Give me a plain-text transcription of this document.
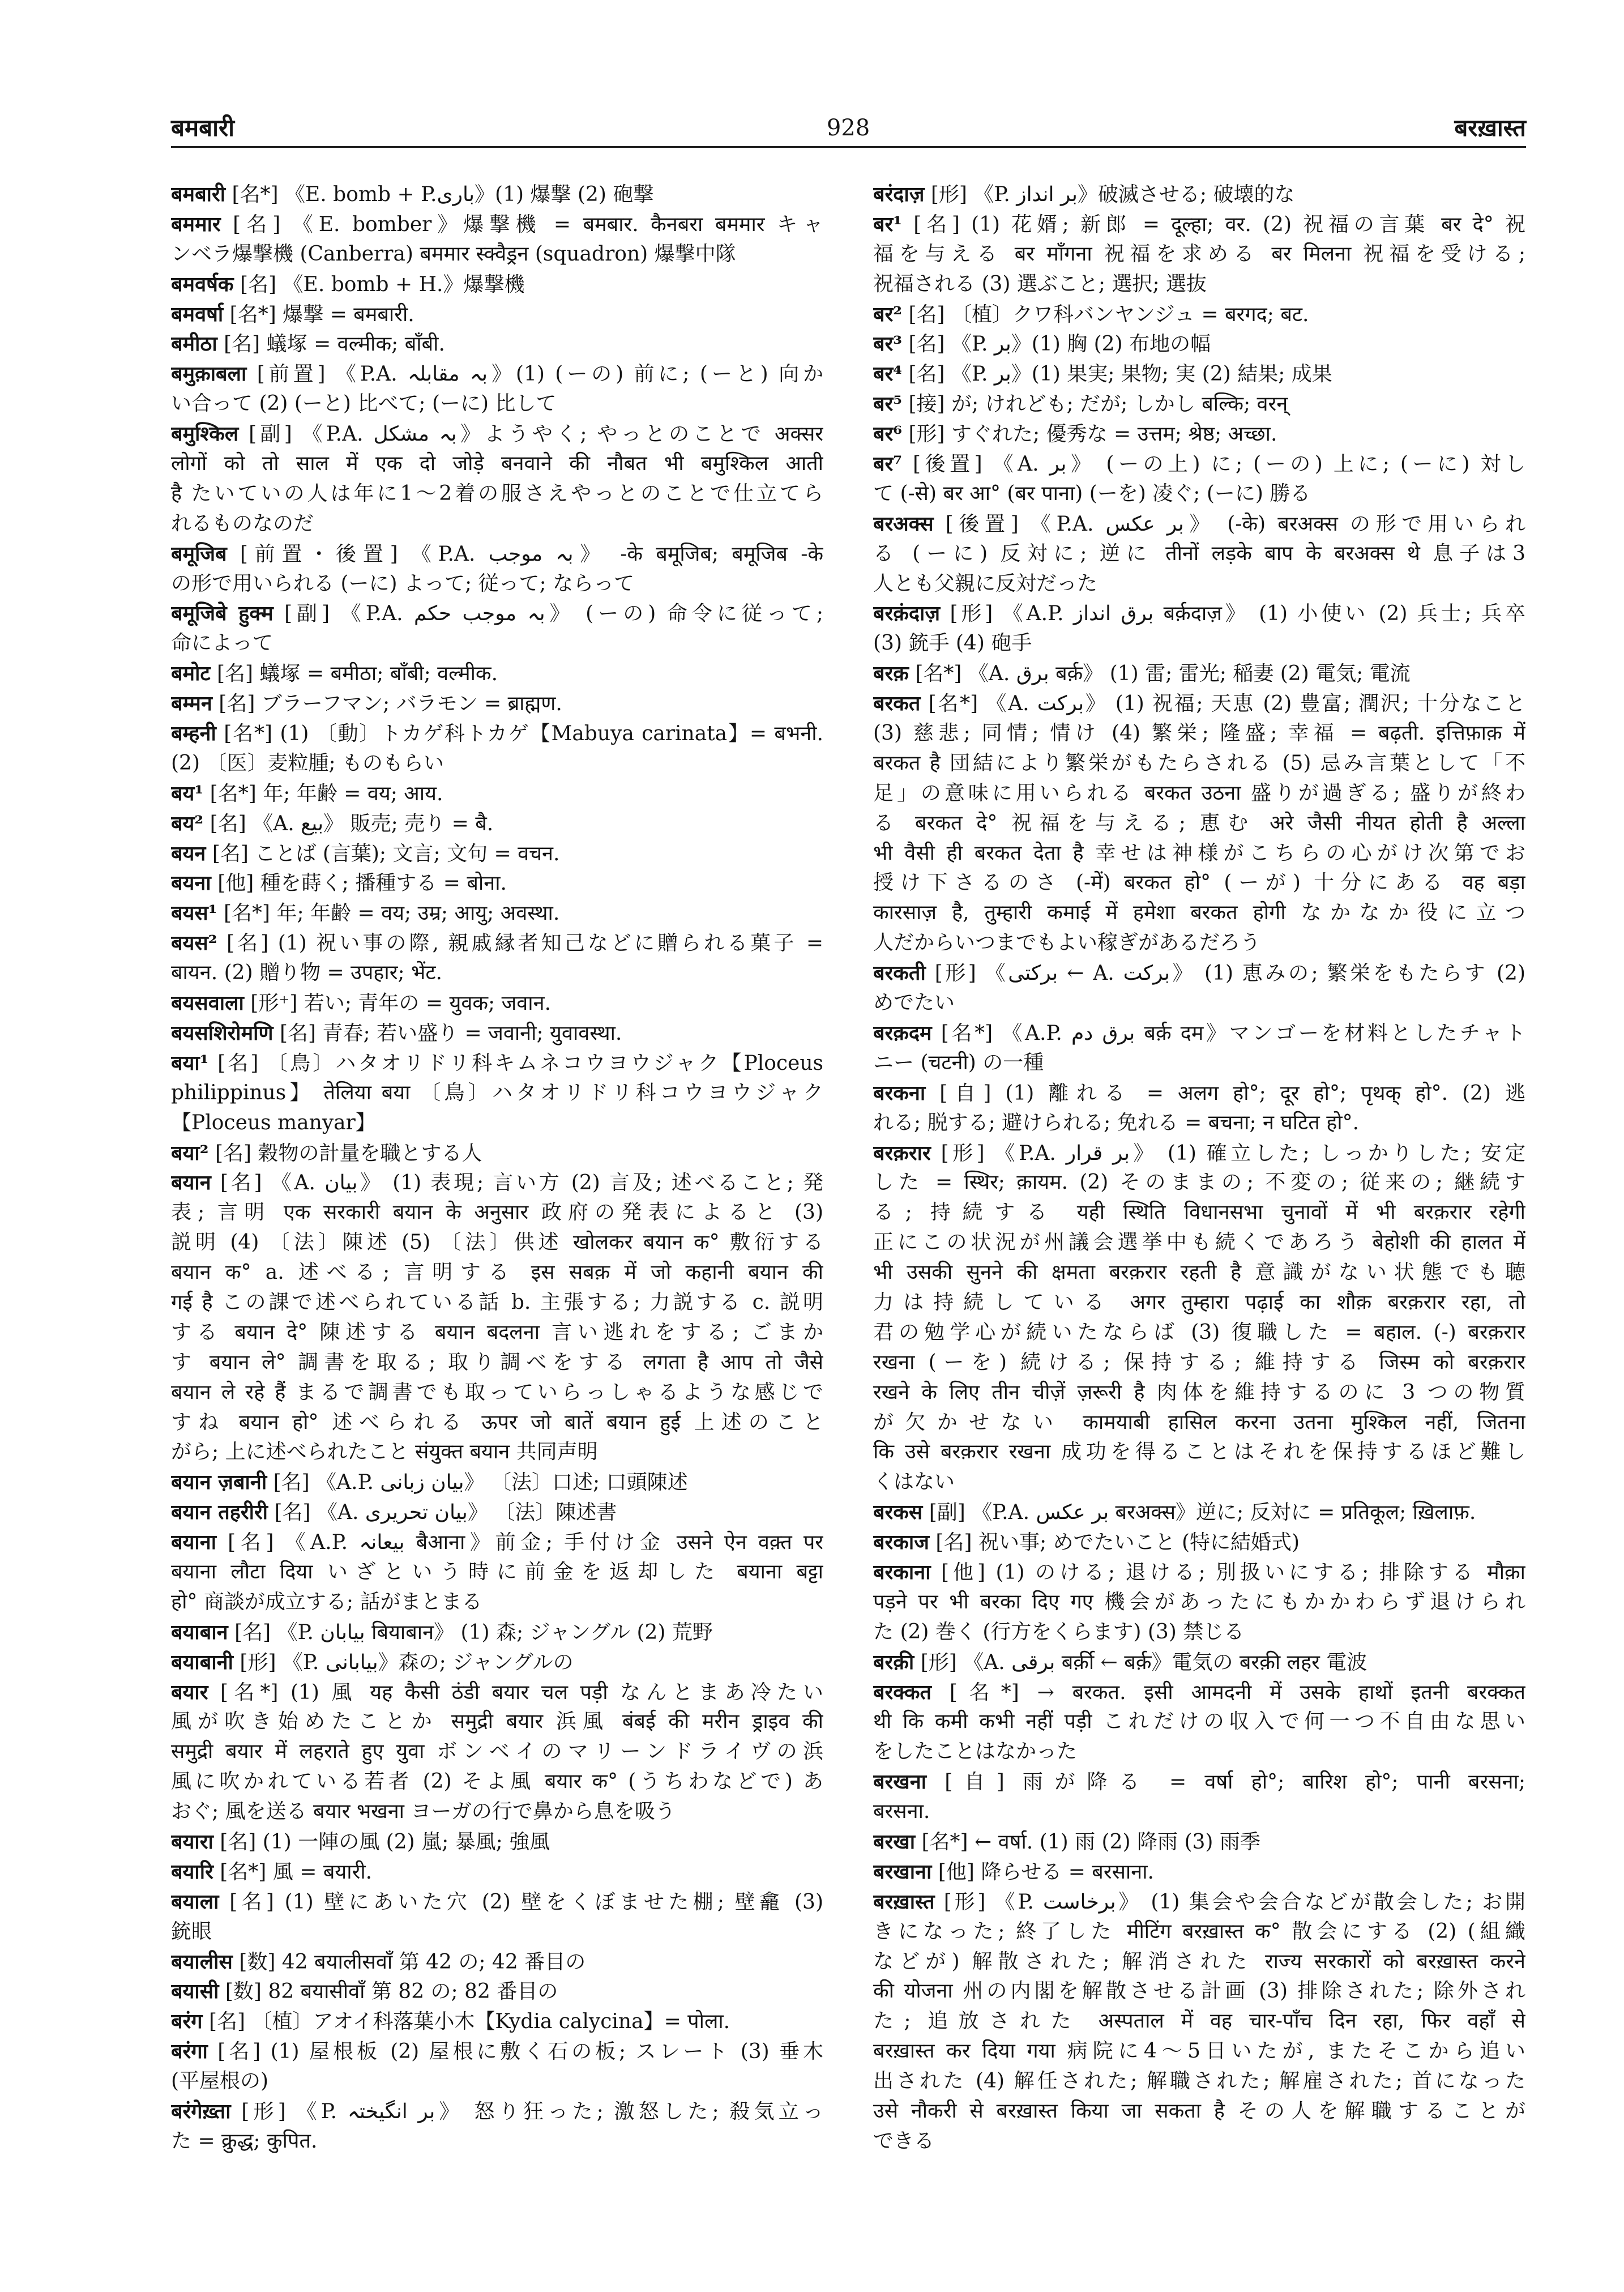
बमबारी	928	बरख़ास्त
बमबारी [名*] 《E. bomb + P.باری》(1) 爆撃 (2) 砲撃
बममार [名] 《E. bomber》爆撃機 = बमबार. कैनबरा बममार キャ
ンベラ爆撃機 (Canberra) बममार स्क्वैड्रन (squadron) 爆撃中隊
बमवर्षक [名] 《E. bomb + H.》爆撃機
बमवर्षा [名*] 爆撃 = बमबारी.
बमीठा [名] 蟻塚 = वल्मीक; बाँबी.
बमुक़ाबला [前置] 《P.A. بہ مقابلہ》(1) (ーの) 前に; (ーと) 向か
い合って (2) (ーと) 比べて; (ーに) 比して
बमुश्किल [副] 《P.A. بہ مشکل》ようやく; やっとのことで अक्सर
लोगों को तो साल में एक दो जोड़े बनवाने की नौबत भी बमुश्किल आती
है たいていの人は年に1～2着の服さえやっとのことで仕立てら
れるものなのだ
बमूजिब [前置・後置] 《P.A. بہ موجب》 -के बमूजिब; बमूजिब -के
の形で用いられる (ーに) よって; 従って; ならって
बमूजिबे हुक्म [副] 《P.A. بہ موجب حکم》 (ーの) 命令に従って;
命によって
बमोट [名] 蟻塚 = बमीठा; बाँबी; वल्मीक.
बम्मन [名] ブラーフマン; バラモン = ब्राह्मण.
बम्हनी [名*] (1) 〔動〕トカゲ科トカゲ【Mabuya carinata】= बभनी.
(2) 〔医〕麦粒腫; ものもらい
बय¹ [名*] 年; 年齢 = वय; आय.
बय² [名] 《A. بیع》 販売; 売り = बै.
बयन [名] ことば (言葉); 文言; 文句 = वचन.
बयना [他] 種を蒔く; 播種する = बोना.
बयस¹ [名*] 年; 年齢 = वय; उम्र; आयु; अवस्था.
बयस² [名] (1) 祝い事の際, 親戚縁者知己などに贈られる菓子 =
बायन. (2) 贈り物 = उपहार; भेंट.
बयसवाला [形⁺] 若い; 青年の = युवक; जवान.
बयसशिरोमणि [名] 青春; 若い盛り = जवानी; युवावस्था.
बया¹ [名] 〔鳥〕ハタオリドリ科キムネコウヨウジャク【Ploceus
philippinus】 तेलिया बया 〔鳥〕ハタオリドリ科コウヨウジャク
【Ploceus manyar】
बया² [名] 穀物の計量を職とする人
बयान [名] 《A. بیان》 (1) 表現; 言い方 (2) 言及; 述べること; 発
表; 言明 एक सरकारी बयान के अनुसार 政府の発表によると (3)
説明 (4) 〔法〕陳述 (5) 〔法〕供述 खोलकर बयान क° 敷衍する
बयान क° a. 述べる; 言明する इस सबक़ में जो कहानी बयान की
गई है この課で述べられている話 b. 主張する; 力説する c. 説明
する बयान दे° 陳述する बयान बदलना 言い逃れをする; ごまか
す बयान ले° 調書を取る; 取り調べをする लगता है आप तो जैसे
बयान ले रहे हैं まるで調書でも取っていらっしゃるような感じで
すね बयान हो° 述べられる ऊपर जो बातें बयान हुई 上述のこと
がら; 上に述べられたこと संयुक्त बयान 共同声明
बयान ज़बानी [名] 《A.P. بیان زبانی》 〔法〕口述; 口頭陳述
बयान तहरीरी [名] 《A. بیان تحریری》 〔法〕陳述書
बयाना [名] 《A.P. بیعانہ बैआना》前金; 手付け金 उसने ऐन वक़्त पर
बयाना लौटा दिया いざという時に前金を返却した बयाना बट्टा
हो° 商談が成立する; 話がまとまる
बयाबान [名] 《P. بیابان बियाबान》 (1) 森; ジャングル (2) 荒野
बयाबानी [形] 《P. بیابانی》森の; ジャングルの
बयार [名*] (1) 風 यह कैसी ठंडी बयार चल पड़ी なんとまあ冷たい
風が吹き始めたことか समुद्री बयार 浜風 बंबई की मरीन ड्राइव की
समुद्री बयार में लहराते हुए युवा ボンベイのマリーンドライヴの浜
風に吹かれている若者 (2) そよ風 बयार क° (うちわなどで) あ
おぐ; 風を送る बयार भखना ヨーガの行で鼻から息を吸う
बयारा [名] (1) 一陣の風 (2) 嵐; 暴風; 強風
बयारि [名*] 風 = बयारी.
बयाला [名] (1) 壁にあいた穴 (2) 壁をくぼませた棚; 壁龕 (3)
銃眼
बयालीस [数] 42 बयालीसवाँ 第 42 の; 42 番目の
बयासी [数] 82 बयासीवाँ 第 82 の; 82 番目の
बरंग [名] 〔植〕アオイ科落葉小木【Kydia calycina】= पोला.
बरंगा [名] (1) 屋根板 (2) 屋根に敷く石の板; スレート (3) 垂木
(平屋根の)
बरंगेख़्ता [形] 《P. بر انگیختہ》 怒り狂った; 激怒した; 殺気立っ
た = क्रुद्ध; कुपित.
बरंदाज़ [形] 《P. بر انداز》破滅させる; 破壊的な
बर¹ [名] (1) 花婿; 新郎 = दूल्हा; वर. (2) 祝福の言葉 बर दे° 祝
福を与える बर माँगना 祝福を求める बर मिलना 祝福を受ける;
祝福される (3) 選ぶこと; 選択; 選抜
बर² [名] 〔植〕クワ科バンヤンジュ = बरगद; बट.
बर³ [名] 《P. بر》(1) 胸 (2) 布地の幅
बर⁴ [名] 《P. بر》(1) 果実; 果物; 実 (2) 結果; 成果
बर⁵ [接] が; けれども; だが; しかし बल्कि; वरन्
बर⁶ [形] すぐれた; 優秀な = उत्तम; श्रेष्ठ; अच्छा.
बर⁷ [後置] 《A. بر》 (ーの上) に; (ーの) 上に; (ーに) 対し
て (-से) बर आ° (बर पाना) (ーを) 凌ぐ; (ーに) 勝る
बरअक्स [後置] 《P.A. بر عکس》 (-के) बरअक्स の形で用いられ
る (ーに) 反対に; 逆に तीनों लड़के बाप के बरअक्स थे 息子は3
人とも父親に反対だった
बरक़ंदाज़ [形] 《A.P. برق انداز बर्क़दाज़》 (1) 小使い (2) 兵士; 兵卒
(3) 銃手 (4) 砲手
बरक़ [名*] 《A. برق बर्क़》 (1) 雷; 雷光; 稲妻 (2) 電気; 電流
बरकत [名*] 《A. برکت》 (1) 祝福; 天恵 (2) 豊富; 潤沢; 十分なこと
(3) 慈悲; 同情; 情け (4) 繁栄; 隆盛; 幸福 = बढ़ती. इत्तिफ़ाक़ में
बरकत है 団結により繁栄がもたらされる (5) 忌み言葉として「不
足」の意味に用いられる बरकत उठना 盛りが過ぎる; 盛りが終わ
る बरकत दे° 祝福を与える; 恵む अरे जैसी नीयत होती है अल्ला
भी वैसी ही बरकत देता है 幸せは神様がこちらの心がけ次第でお
授け下さるのさ (-में) बरकत हो° (ーが) 十分にある वह बड़ा
कारसाज़ है, तुम्हारी कमाई में हमेशा बरकत होगी なかなか役に立つ
人だからいつまでもよい稼ぎがあるだろう
बरकती [形] 《برکتی ← A. برکت》 (1) 恵みの; 繁栄をもたらす (2)
めでたい
बरक़दम [名*] 《A.P. برق دم बर्क़ दम》マンゴーを材料としたチャト
ニー (चटनी) の一種
बरकना [自] (1) 離れる = अलग हो°; दूर हो°; पृथक् हो°. (2) 逃
れる; 脱する; 避けられる; 免れる = बचना; न घटित हो°.
बरक़रार [形] 《P.A. بر قرار》 (1) 確立した; しっかりした; 安定
した = स्थिर; क़ायम. (2) そのままの; 不変の; 従来の; 継続す
る; 持続する यही स्थिति विधानसभा चुनावों में भी बरक़रार रहेगी
正にこの状況が州議会選挙中も続くであろう बेहोशी की हालत में
भी उसकी सुनने की क्षमता बरक़रार रहती है 意識がない状態でも聴
力は持続している अगर तुम्हारा पढ़ाई का शौक़ बरक़रार रहा, तो
君の勉学心が続いたならば (3) 復職した = बहाल. (-) बरक़रार
रखना (ーを) 続ける; 保持する; 維持する जिस्म को बरक़रार
रखने के लिए तीन चीज़ें ज़रूरी है 肉体を維持するのに 3 つの物質
が欠かせない कामयाबी हासिल करना उतना मुश्किल नहीं, जितना
कि उसे बरक़रार रखना 成功を得ることはそれを保持するほど難し
くはない
बरकस [副] 《P.A. بر عکس बरअक्स》逆に; 反対に = प्रतिकूल; ख़िलाफ़.
बरकाज [名] 祝い事; めでたいこと (特に結婚式)
बरकाना [他] (1) のける; 退ける; 別扱いにする; 排除する मौक़ा
पड़ने पर भी बरका दिए गए 機会があったにもかかわらず退けられ
た (2) 巻く (行方をくらます) (3) 禁じる
बरक़ी [形] 《A. برقی बर्क़ी ← बर्क़》電気の बरक़ी लहर 電波
बरक्कत [名*] → बरकत. इसी आमदनी में उसके हाथों इतनी बरक्कत
थी कि कमी कभी नहीं पड़ी これだけの収入で何一つ不自由な思い
をしたことはなかった
बरखना [自] 雨が降る = वर्षा हो°; बारिश हो°; पानी बरसना;
बरसना.
बरखा [名*] ← वर्षा. (1) 雨 (2) 降雨 (3) 雨季
बरखाना [他] 降らせる = बरसाना.
बरख़ास्त [形] 《P. برخاست》 (1) 集会や会合などが散会した; お開
きになった; 終了した मीटिंग बरख़ास्त क° 散会にする (2) (組織
などが) 解散された; 解消された राज्य सरकारों को बरख़ास्त करने
की योजना 州の内閣を解散させる計画 (3) 排除された; 除外され
た; 追放された अस्पताल में वह चार-पाँच दिन रहा, फिर वहाँ से
बरख़ास्त कर दिया गया 病院に4～5日いたが, またそこから追い
出された (4) 解任された; 解職された; 解雇された; 首になった
उसे नौकरी से बरख़ास्त किया जा सकता है その人を解職することが
できる
